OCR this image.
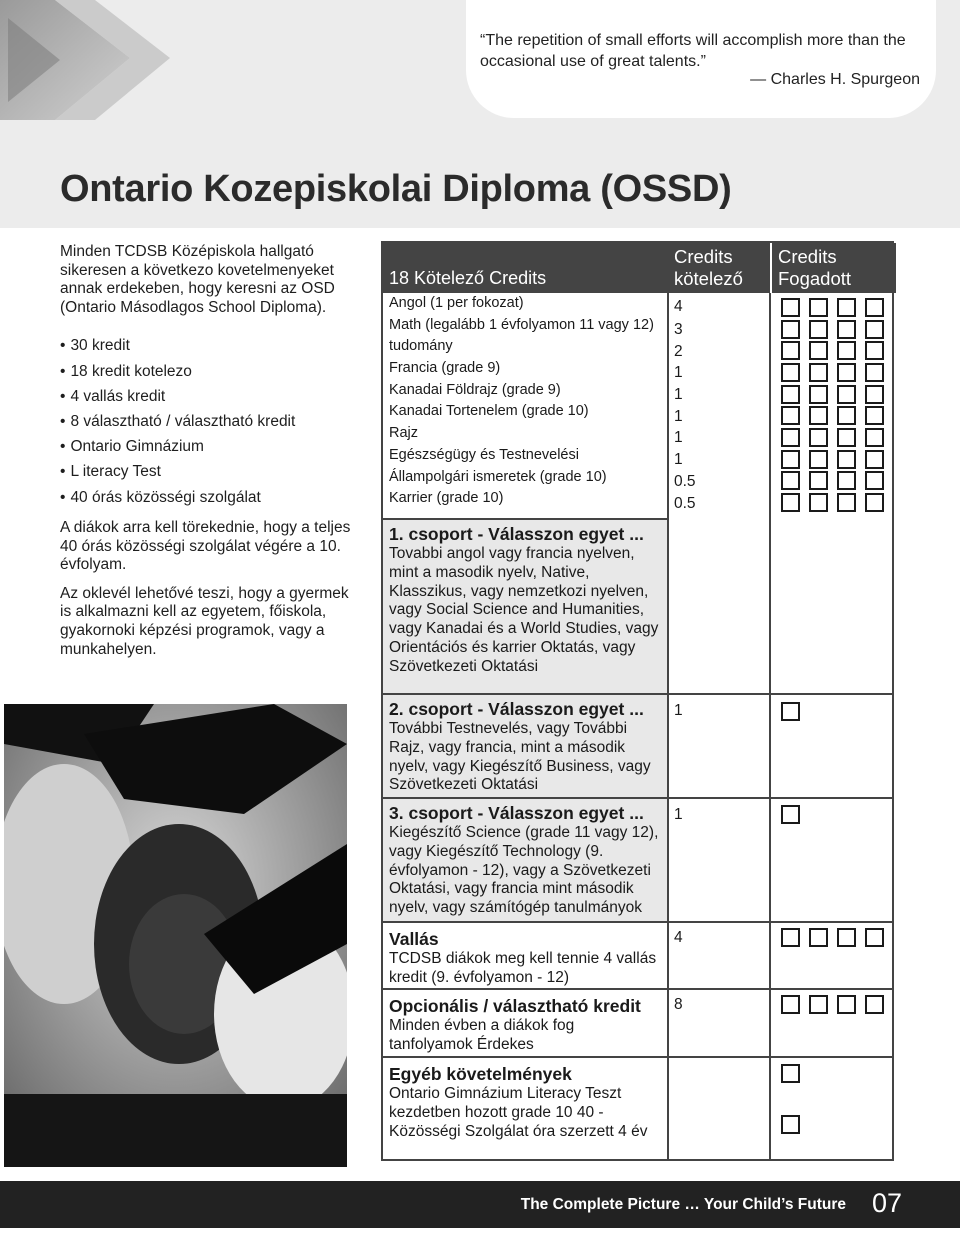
“The repetition of small efforts will accomplish more than the occasional use of great talents.”
— Charles H. Spurgeon
Ontario Kozepiskolai Diploma (OSSD)

Minden TCDSB Középiskola hallgató sikeresen a következo kovetelmenyeket annak erdekeben, hogy keresni az OSD (Ontario Másodlagos School Diploma).

• 30 kredit
• 18 kredit kotelezo
• 4 vallás kredit
• 8 választható / választható kredit
• Ontario Gimnázium
• L iteracy Test
• 40 órás közösségi szolgálat

A diákok arra kell törekednie, hogy a teljes 40 órás közösségi szolgálat végére a 10. évfolyam.

Az oklevél lehetővé teszi, hogy a gyermek is alkalmazni kell az egyetem, főiskola, gyakornoki képzési programok, vagy a munkahelyen.

18 Kötelező Credits
Credits kötelező
Credits Fogadott
Angol (1 per fokozat)
Math (legalább 1 évfolyamon 11 vagy 12)
tudomány
Francia (grade 9)
Kanadai Földrajz (grade 9)
Kanadai Tortenelem (grade 10)
Rajz
Egészségügy és Testnevelési
Állampolgári ismeretek (grade 10)
Karrier (grade 10)
4
3
2
1
1
1
1
1
0.5
0.5
1. csoport - Válasszon egyet ...
Tovabbi angol vagy francia nyelven, mint a masodik nyelv, Native, Klasszikus, vagy nemzetkozi nyelven, vagy Social Science and Humanities, vagy Kanadai és a World Studies, vagy Orientációs és karrier Oktatás, vagy Szövetkezeti Oktatási
2. csoport - Válasszon egyet ...
További Testnevelés, vagy További Rajz, vagy francia, mint a második nyelv, vagy Kiegészítő Business, vagy Szövetkezeti Oktatási
1
3. csoport - Válasszon egyet ...
Kiegészítő Science (grade 11 vagy 12), vagy Kiegészítő Technology (9. évfolyamon - 12), vagy a Szövetkezeti Oktatási, vagy francia mint második nyelv, vagy számítógép tanulmányok
1
Vallás
TCDSB diákok meg kell tennie 4 vallás kredit (9. évfolyamon - 12)
4
Opcionális / választható kredit
Minden évben a diákok fog tanfolyamok Érdekes
8
Egyéb követelmények
Ontario Gimnázium Literacy Teszt kezdetben hozott grade 10 40 - Közösségi Szolgálat óra szerzett 4 év
The Complete Picture … Your Child’s Future 07
